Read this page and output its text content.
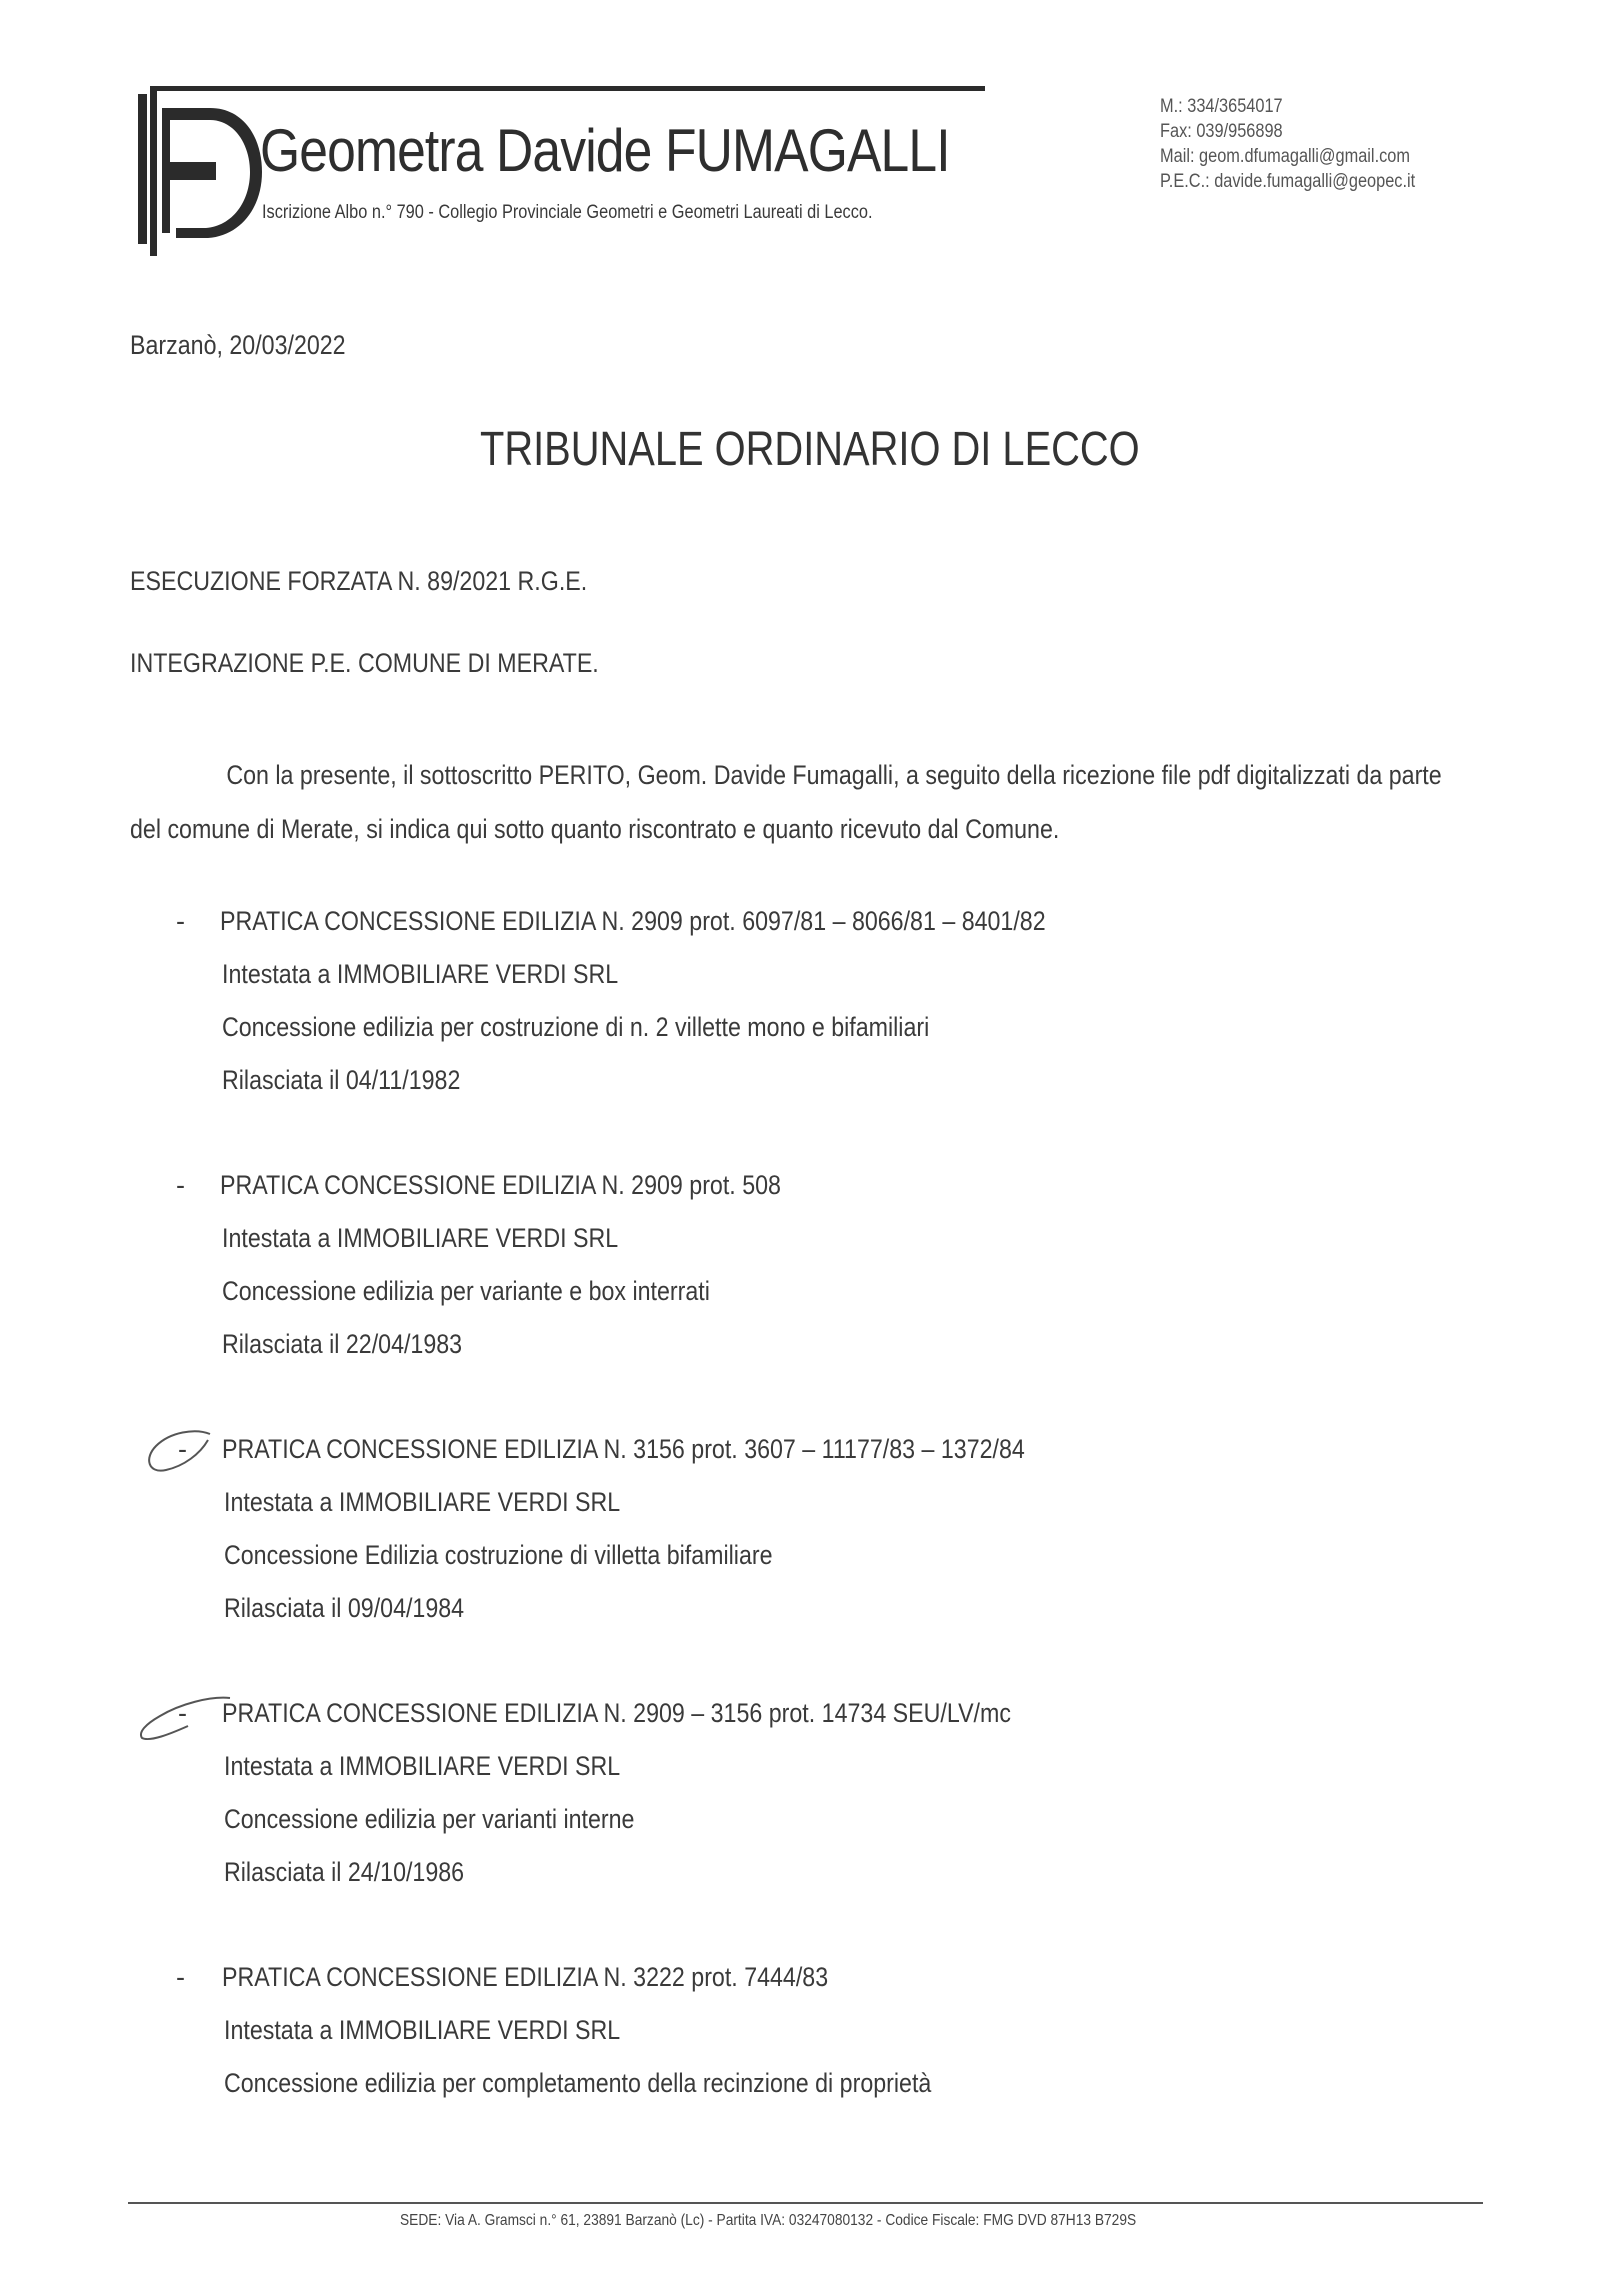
Geometra Davide FUMAGALLI
Iscrizione Albo n.° 790 - Collegio Provinciale Geometri e Geometri Laureati di Lecco.
M.: 334/3654017
Fax: 039/956898
Mail: geom.dfumagalli@gmail.com
P.E.C.: davide.fumagalli@geopec.it
Barzanò, 20/03/2022
TRIBUNALE ORDINARIO DI LECCO
ESECUZIONE FORZATA N. 89/2021 R.G.E.
INTEGRAZIONE P.E. COMUNE DI MERATE.
Con la presente, il sottoscritto PERITO, Geom. Davide Fumagalli, a seguito della ricezione file pdf digitalizzati da parte
del comune di Merate, si indica qui sotto quanto riscontrato e quanto ricevuto dal Comune.
- PRATICA CONCESSIONE EDILIZIA N. 2909 prot. 6097/81 – 8066/81 – 8401/82
Intestata a IMMOBILIARE VERDI SRL
Concessione edilizia per costruzione di n. 2 villette mono e bifamiliari
Rilasciata il 04/11/1982
- PRATICA CONCESSIONE EDILIZIA N. 2909 prot. 508
Intestata a IMMOBILIARE VERDI SRL
Concessione edilizia per variante e box interrati
Rilasciata il 22/04/1983
- PRATICA CONCESSIONE EDILIZIA N. 3156 prot. 3607 – 11177/83 – 1372/84
Intestata a IMMOBILIARE VERDI SRL
Concessione Edilizia costruzione di villetta bifamiliare
Rilasciata il 09/04/1984
- PRATICA CONCESSIONE EDILIZIA N. 2909 – 3156 prot. 14734 SEU/LV/mc
Intestata a IMMOBILIARE VERDI SRL
Concessione edilizia per varianti interne
Rilasciata il 24/10/1986
- PRATICA CONCESSIONE EDILIZIA N. 3222 prot. 7444/83
Intestata a IMMOBILIARE VERDI SRL
Concessione edilizia per completamento della recinzione di proprietà
SEDE: Via A. Gramsci n.° 61, 23891 Barzanò (Lc) - Partita IVA: 03247080132 - Codice Fiscale: FMG DVD 87H13 B729S
